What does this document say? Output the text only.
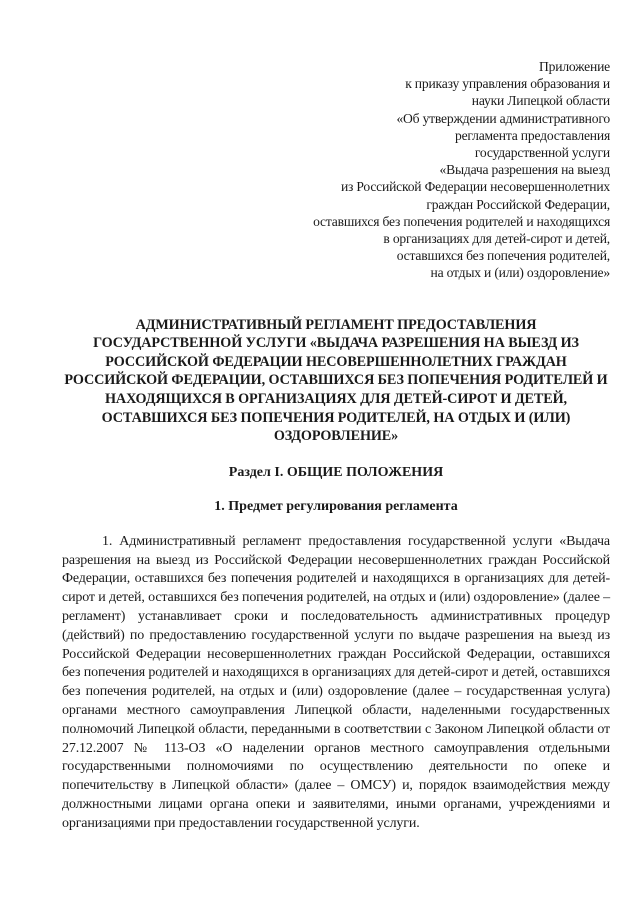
Приложение
к приказу управления образования и
науки Липецкой области
«Об утверждении административного
регламента предоставления
государственной услуги
«Выдача разрешения на выезд
из Российской Федерации несовершеннолетних
граждан Российской Федерации,
оставшихся без попечения родителей и находящихся
в организациях для детей-сирот и детей,
оставшихся без попечения родителей,
на отдых и (или) оздоровление»
АДМИНИСТРАТИВНЫЙ РЕГЛАМЕНТ ПРЕДОСТАВЛЕНИЯ ГОСУДАРСТВЕННОЙ УСЛУГИ «ВЫДАЧА РАЗРЕШЕНИЯ НА ВЫЕЗД ИЗ РОССИЙСКОЙ ФЕДЕРАЦИИ НЕСОВЕРШЕННОЛЕТНИХ ГРАЖДАН РОССИЙСКОЙ ФЕДЕРАЦИИ, ОСТАВШИХСЯ БЕЗ ПОПЕЧЕНИЯ РОДИТЕЛЕЙ И НАХОДЯЩИХСЯ В ОРГАНИЗАЦИЯХ ДЛЯ ДЕТЕЙ-СИРОТ И ДЕТЕЙ, ОСТАВШИХСЯ БЕЗ ПОПЕЧЕНИЯ РОДИТЕЛЕЙ, НА ОТДЫХ И (ИЛИ) ОЗДОРОВЛЕНИЕ»
Раздел I. ОБЩИЕ ПОЛОЖЕНИЯ
1. Предмет регулирования регламента

1. Административный регламент предоставления государственной услуги «Выдача разрешения на выезд из Российской Федерации несовершеннолетних граждан Российской Федерации, оставшихся без попечения родителей и находящихся в организациях для детей-сирот и детей, оставшихся без попечения родителей, на отдых и (или) оздоровление» (далее – регламент) устанавливает сроки и последовательность административных процедур (действий) по предоставлению государственной услуги по выдаче разрешения на выезд из Российской Федерации несовершеннолетних граждан Российской Федерации, оставшихся без попечения родителей и находящихся в организациях для детей-сирот и детей, оставшихся без попечения родителей, на отдых и (или) оздоровление (далее – государственная услуга) органами местного самоуправления Липецкой области, наделенными государственных полномочий Липецкой области, переданными в соответствии с Законом Липецкой области от 27.12.2007 № 113-ОЗ «О наделении органов местного самоуправления отдельными государственными полномочиями по осуществлению деятельности по опеке и попечительству в Липецкой области» (далее – ОМСУ) и, порядок взаимодействия между должностными лицами органа опеки и заявителями, иными органами, учреждениями и организациями при предоставлении государственной услуги.
